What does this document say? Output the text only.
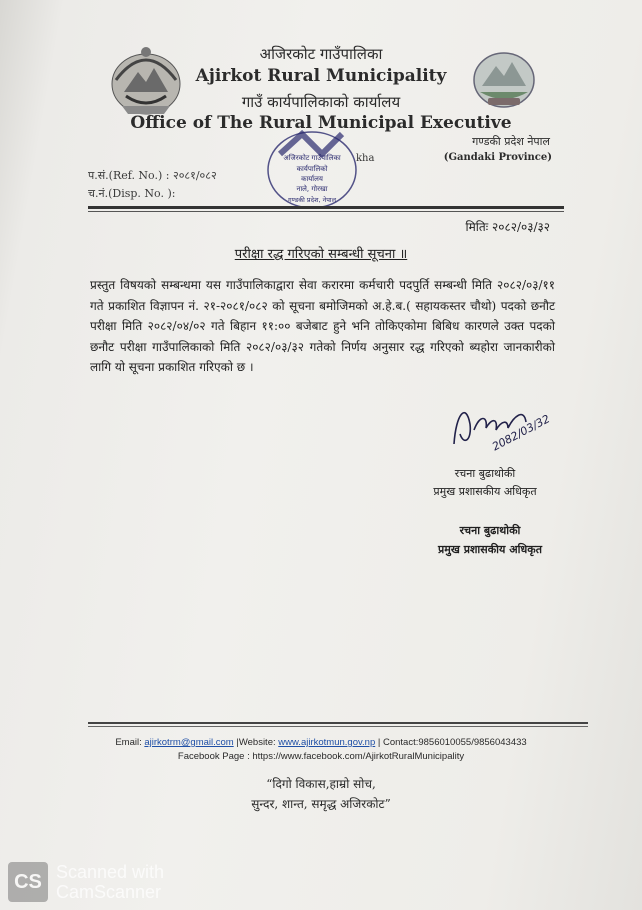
अजिरकोट गाउँपालिका
Ajirkot Rural Municipality
गाउँ कार्यपालिकाको कार्यालय
Office of The Rural Municipal Executive
गण्डकी प्रदेश नेपाल
(Gandaki Province)
प.सं.(Ref. No.) : २०८१/०८२
च.नं.(Disp. No. ):
अजिरकोट गाउँपालिका
कार्यपालिको
कार्यालय
नाले, गोरखा
गण्डकी प्रदेश, नेपाल
kha
मितिः २०८२/०३/३२
परीक्षा रद्ध गरिएको सम्बन्धी सूचना ॥
प्रस्तुत विषयको सम्बन्धमा यस गाउँपालिकाद्वारा सेवा करारमा कर्मचारी पदपुर्ति सम्बन्धी मिति २०८२/०३/११ गते प्रकाशित विज्ञापन नं. २१-२०८१/०८२ को सूचना बमोजिमको अ.हे.ब.( सहायकस्तर चौथो) पदको छनौट परीक्षा मिति २०८२/०४/०२ गते बिहान ११:०० बजेबाट हुने भनि तोकिएकोमा बिबिध कारणले उक्त पदको छनौट परीक्षा गाउँपालिकाको मिति २०८२/०३/३२ गतेको निर्णय अनुसार रद्ध गरिएको ब्यहोरा जानकारीको लागि यो सूचना प्रकाशित गरिएको छ ।
2082/03/32
रचना बुढाथोकी
प्रमुख प्रशासकीय अधिकृत
रचना बुढाथोकी
प्रमुख प्रशासकीय अधिकृत
Email: ajirkotrm@gmail.com |Website: www.ajirkotmun.gov.np | Contact:9856010055/9856043433
Facebook Page : https://www.facebook.com/AjirkotRuralMunicipality
“दिगो विकास,हाम्रो सोच,
सुन्दर, शान्त, समृद्ध अजिरकोट”
CS Scanned with
CamScanner
